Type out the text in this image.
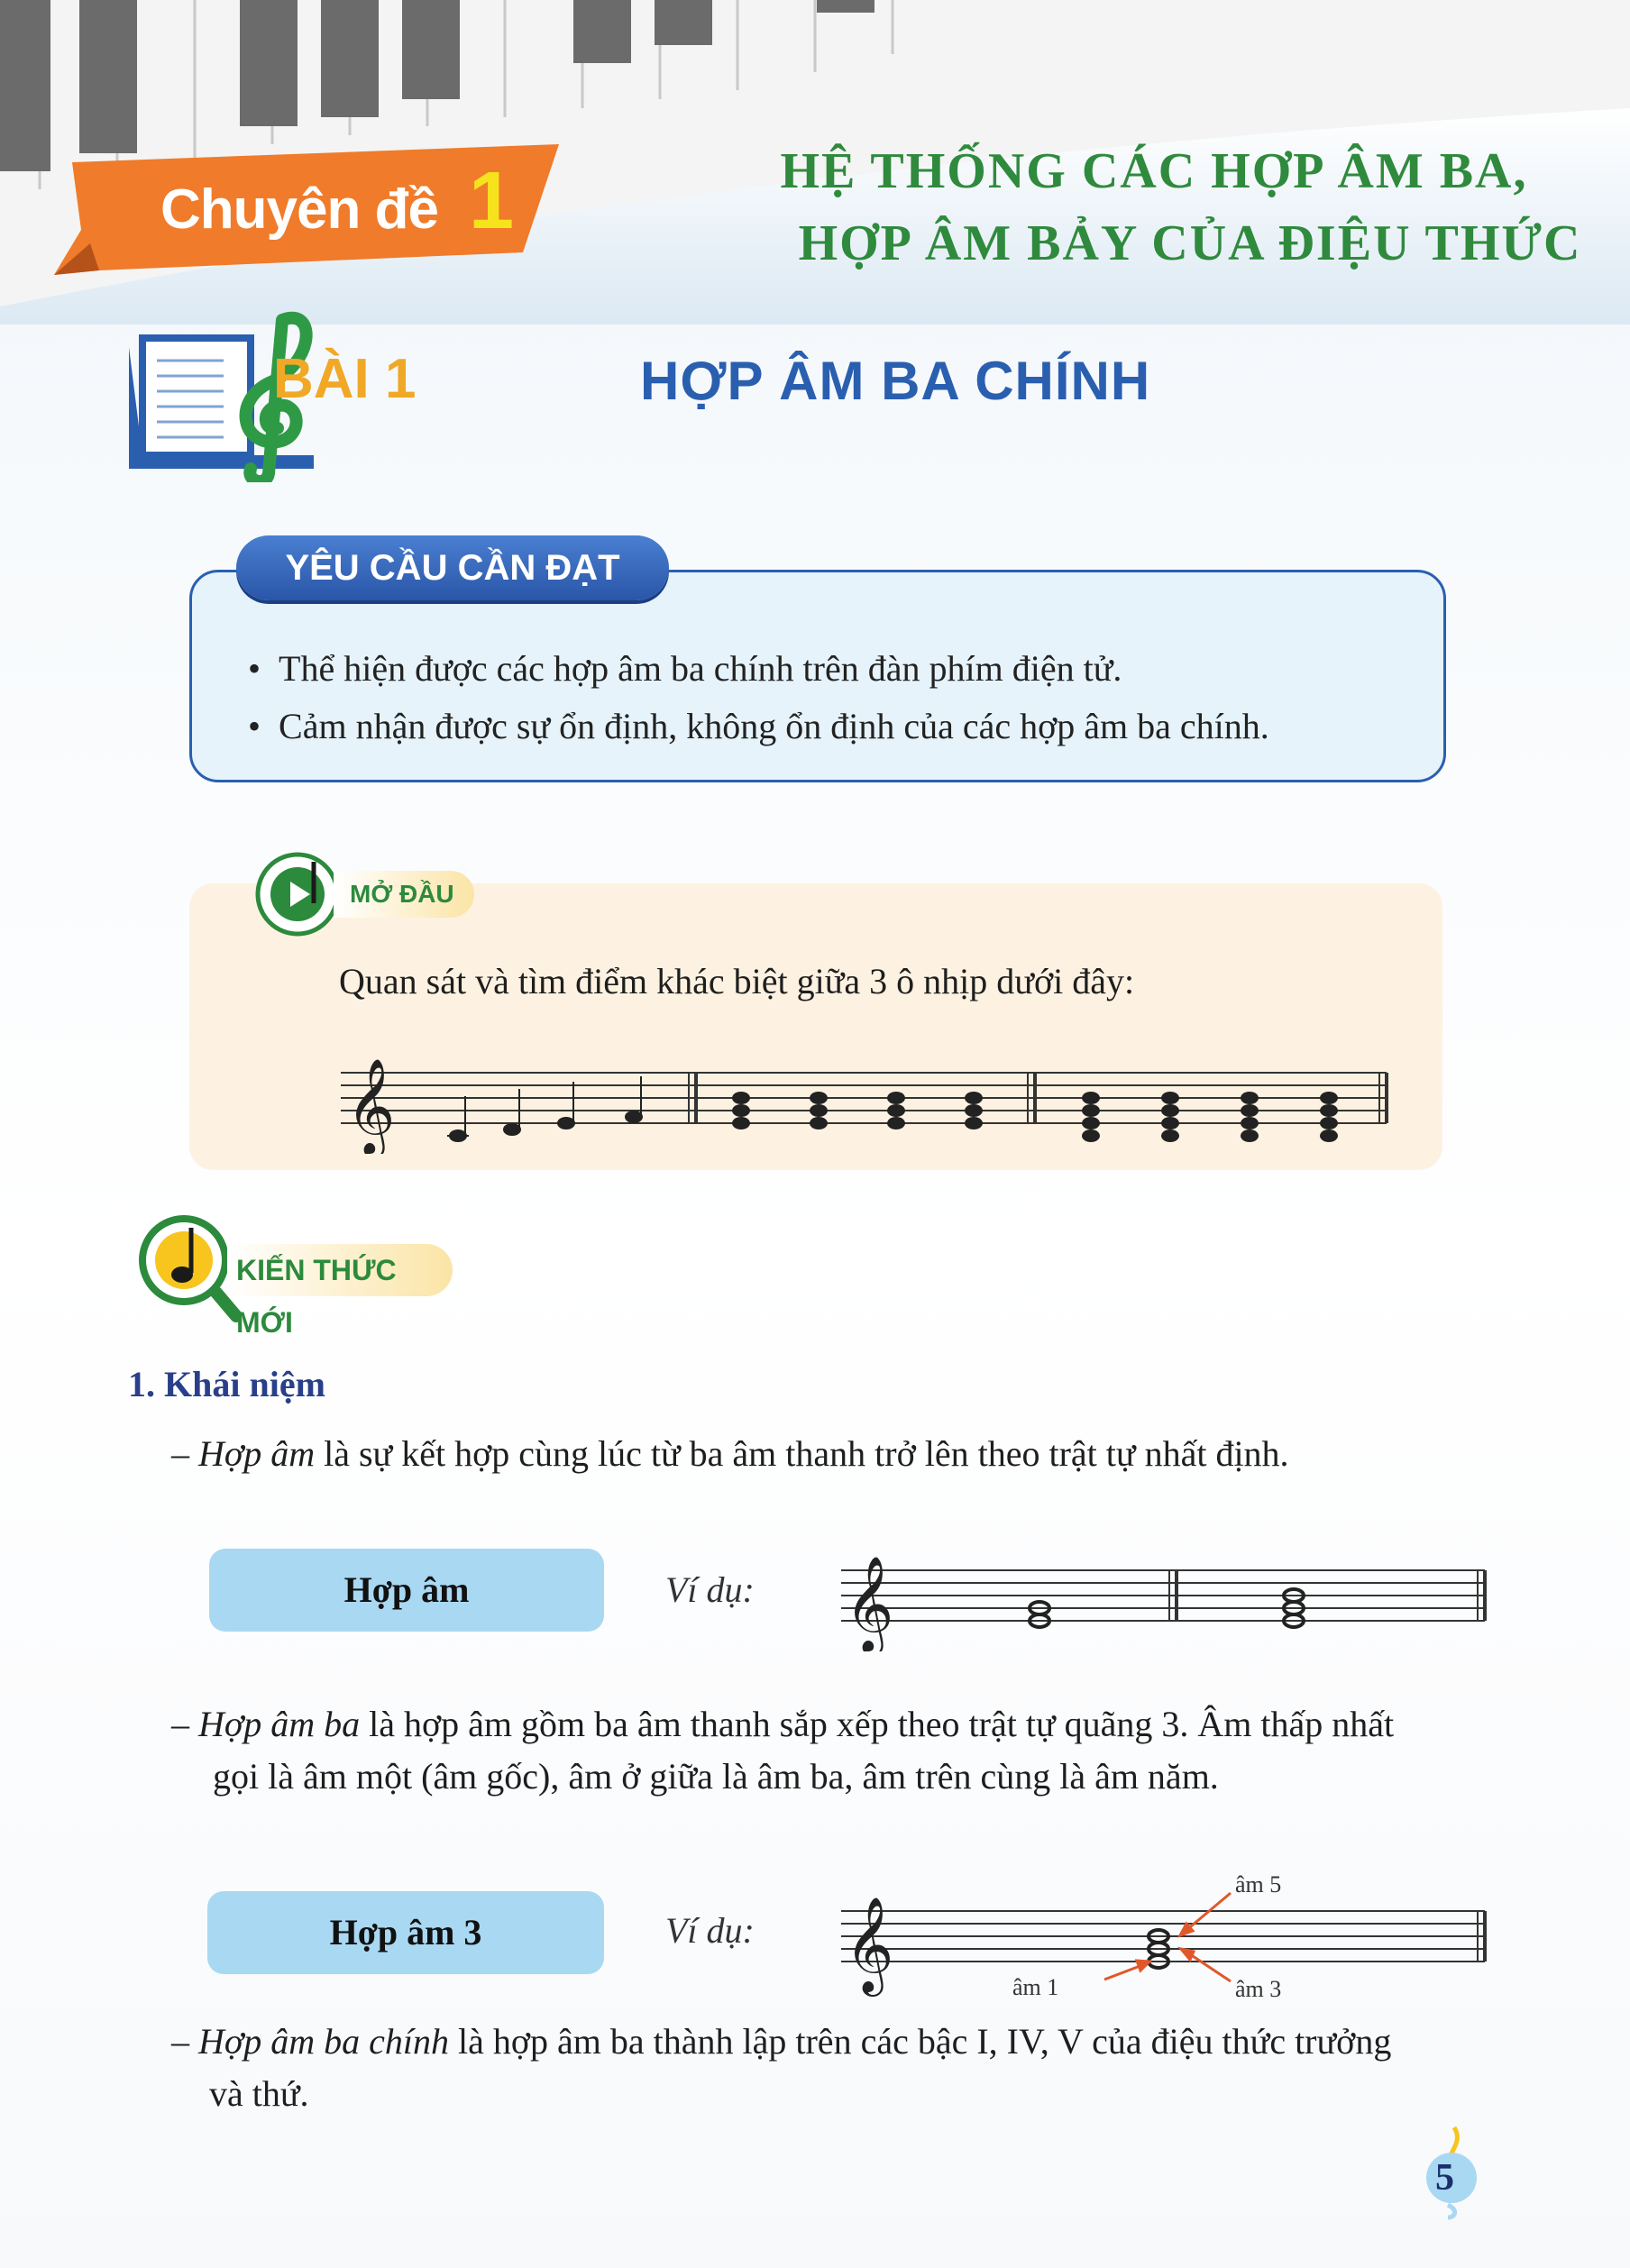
Chuyên đề 1	HỆ THỐNG CÁC HỢP ÂM BA,
HỢP ÂM BẢY CỦA ĐIỆU THỨC
BÀI 1	HỢP ÂM BA CHÍNH
•  Thể hiện được các hợp âm ba chính trên đàn phím điện tử.
•  Cảm nhận được sự ổn định, không ổn định của các hợp âm ba chính.
YÊU CẦU CẦN ĐẠT
MỞ ĐẦU
Quan sát và tìm điểm khác biệt giữa 3 ô nhịp dưới đây:
𝄞
KIẾN THỨC MỚI
1. Khái niệm
– Hợp âm là sự kết hợp cùng lúc từ ba âm thanh trở lên theo trật tự nhất định.
Hợp âm	Ví dụ: 𝄞
– Hợp âm ba là hợp âm gồm ba âm thanh sắp xếp theo trật tự quãng 3. Âm thấp nhất
gọi là âm một (âm gốc), âm ở giữa là âm ba, âm trên cùng là âm năm.
Hợp âm 3	Ví dụ: 𝄞
âm 5
âm 1	âm 3
– Hợp âm ba chính là hợp âm ba thành lập trên các bậc I, IV, V của điệu thức trưởng
và thứ.
5
